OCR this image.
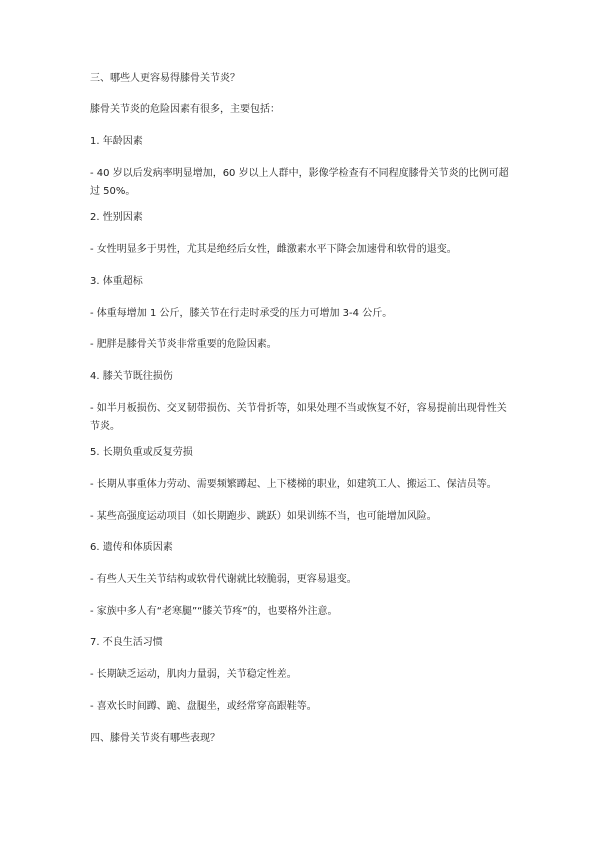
三、哪些人更容易得膝骨关节炎？

膝骨关节炎的危险因素有很多，主要包括：

1. 年龄因素

- 40 岁以后发病率明显增加，60 岁以上人群中，影像学检查有不同程度膝骨关节炎的比例可超过 50%。

2. 性别因素

- 女性明显多于男性，尤其是绝经后女性，雌激素水平下降会加速骨和软骨的退变。

3. 体重超标

- 体重每增加 1 公斤，膝关节在行走时承受的压力可增加 3-4 公斤。

- 肥胖是膝骨关节炎非常重要的危险因素。

4. 膝关节既往损伤

- 如半月板损伤、交叉韧带损伤、关节骨折等，如果处理不当或恢复不好，容易提前出现骨性关节炎。

5. 长期负重或反复劳损

- 长期从事重体力劳动、需要频繁蹲起、上下楼梯的职业，如建筑工人、搬运工、保洁员等。

- 某些高强度运动项目（如长期跑步、跳跃）如果训练不当，也可能增加风险。

6. 遗传和体质因素

- 有些人天生关节结构或软骨代谢就比较脆弱，更容易退变。

- 家族中多人有“老寒腿”“膝关节疼”的，也要格外注意。

7. 不良生活习惯

- 长期缺乏运动，肌肉力量弱，关节稳定性差。

- 喜欢长时间蹲、跪、盘腿坐，或经常穿高跟鞋等。

四、膝骨关节炎有哪些表现？
